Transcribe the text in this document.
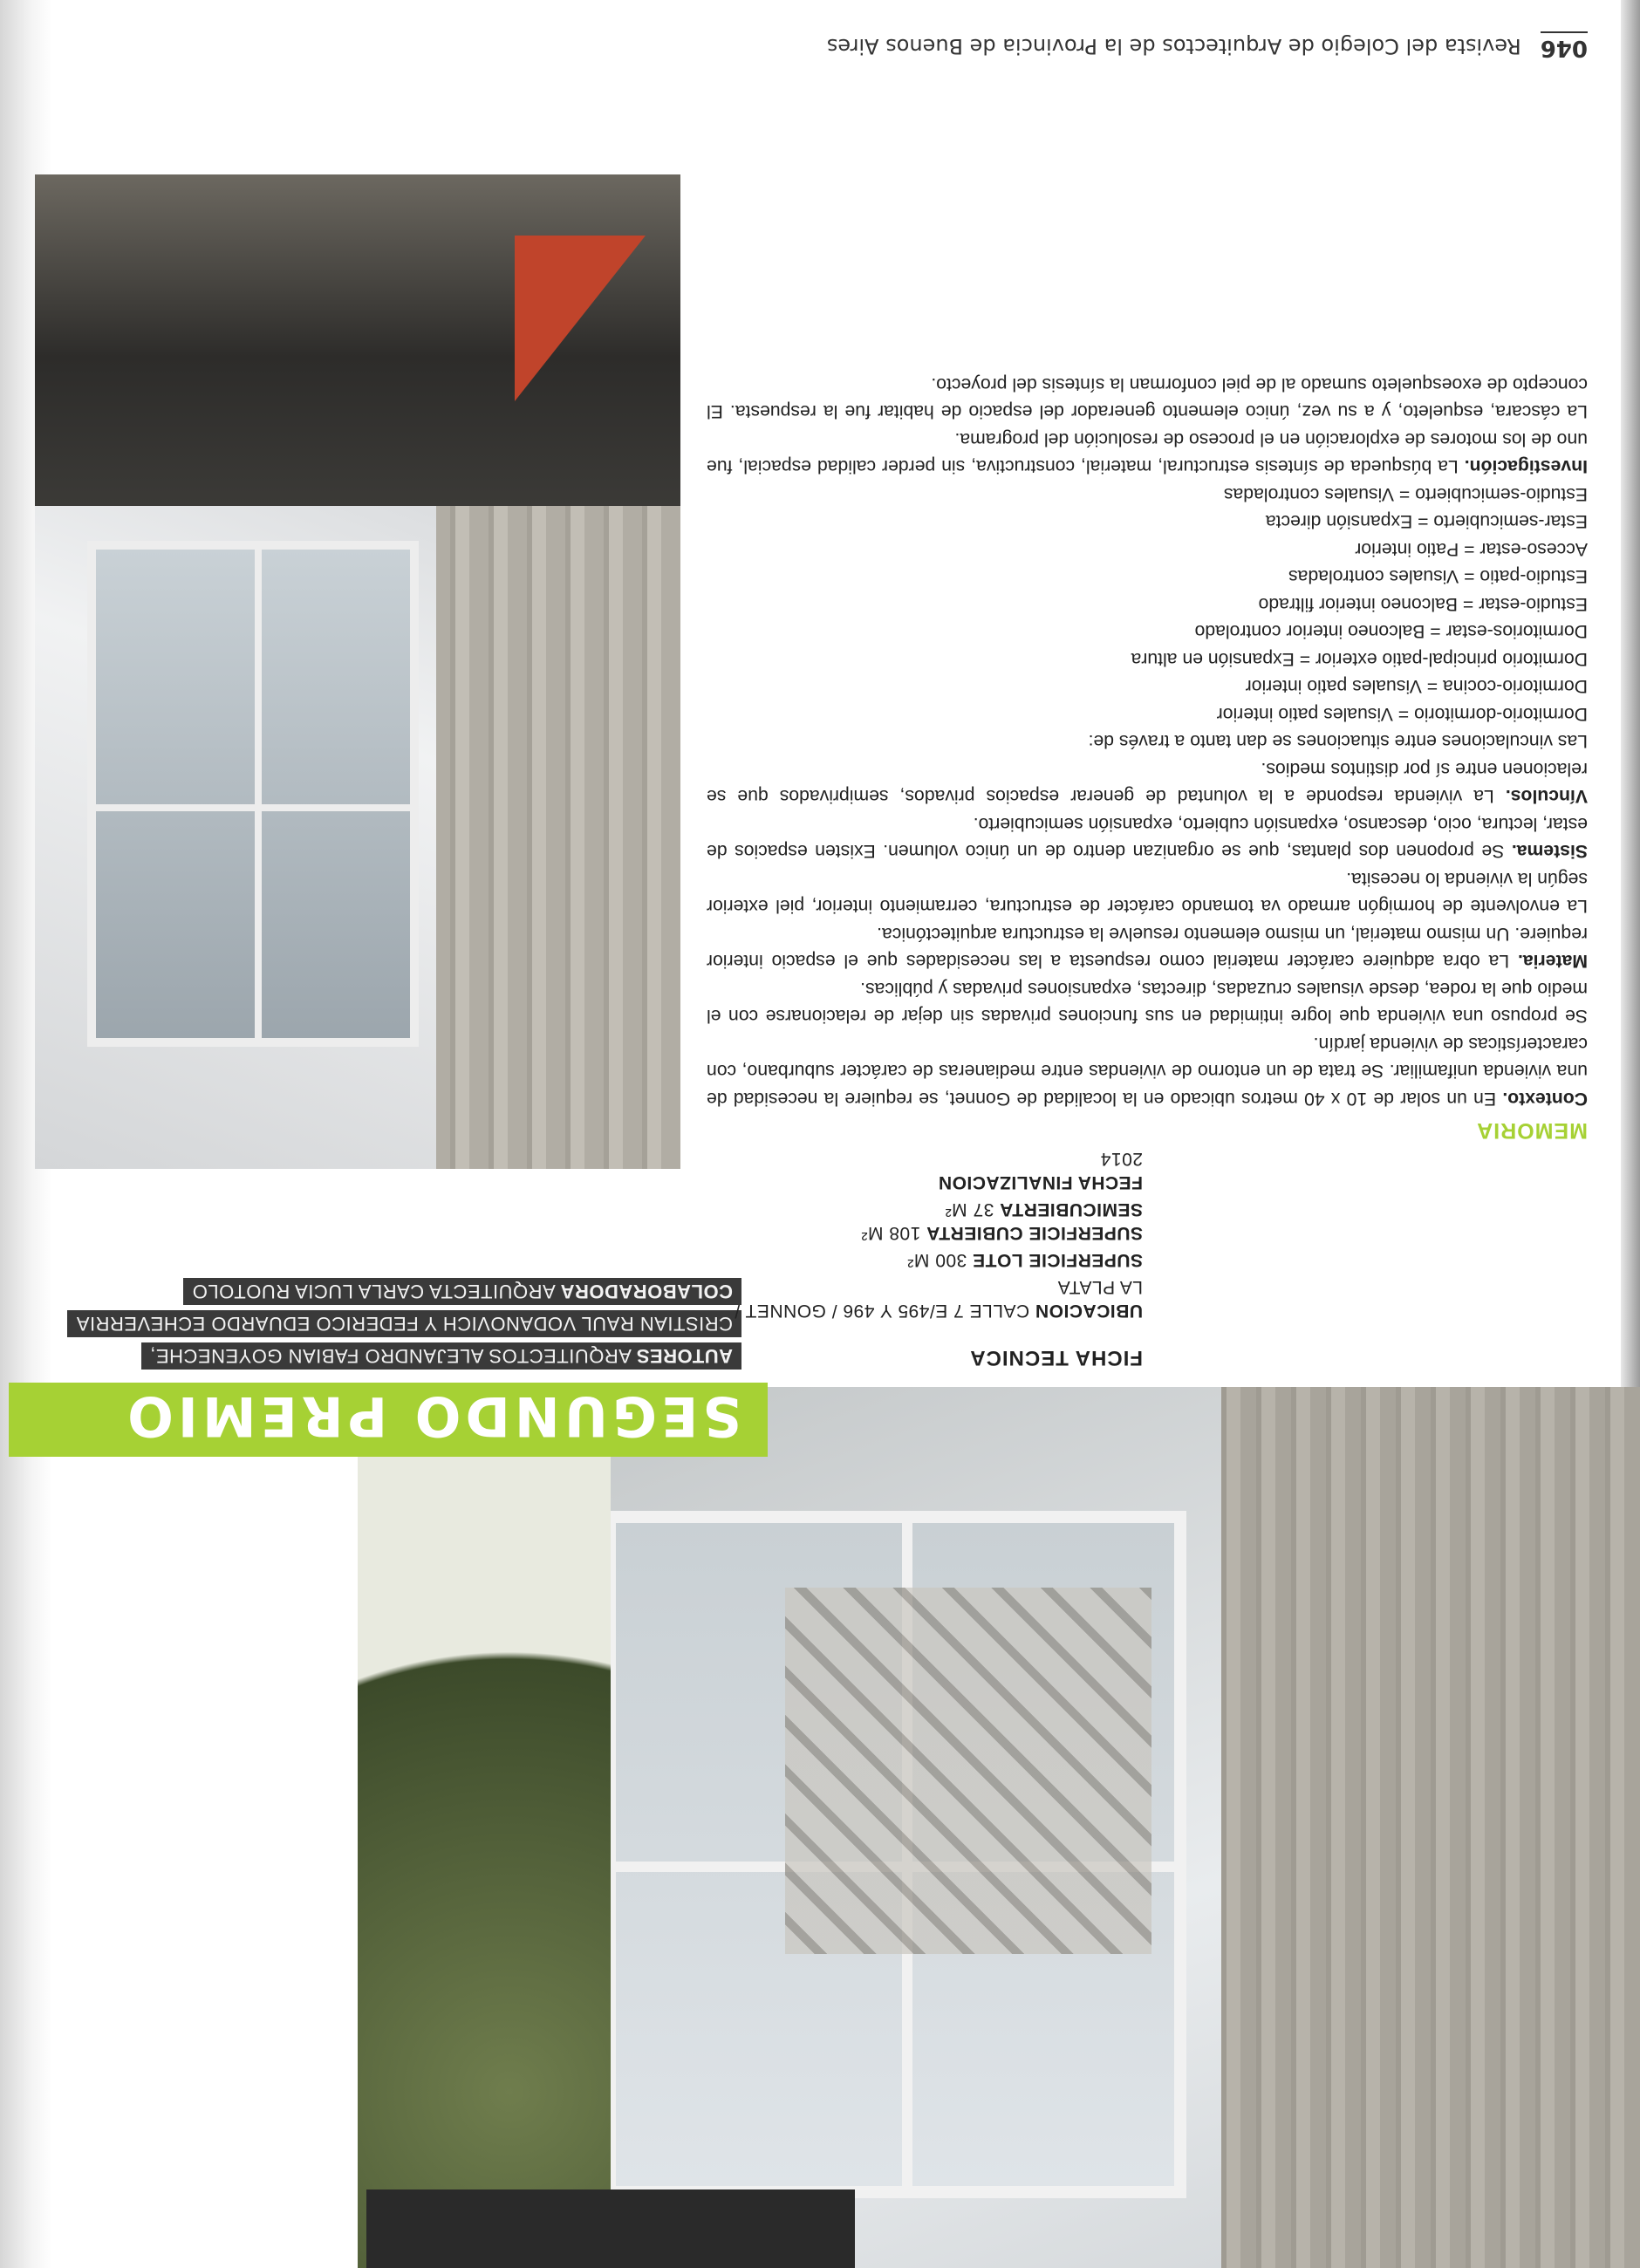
SEGUNDO PREMIO
AUTORES ARQUITECTOS ALEJANDRO FABIAN GOYENECHE,
CRISTIAN RAUL VODANOVICH Y FEDERICO EDUARDO ECHEVERRIA
COLABORADORA ARQUITECTA CARLA LUCIA RUOTOLO
FICHA TECNICA

UBICACION CALLE 7 E/495 Y 496 / GONNET / LA PLATA

SUPERFICIE LOTE 300 M²

SUPERFICIE CUBIERTA 108 M² SEMICUBIERTA 37 M²

FECHA FINALIZACION
2014

MEMORIA

Contexto. En un solar de 10 x 40 metros ubicado en la localidad de Gonnet, se requiere la necesidad de una vivienda unifamiliar. Se trata de un entorno de viviendas entre medianeras de carácter suburbano, con características de vivienda jardín.

Se propuso una vivienda que logre intimidad en sus funciones privadas sin dejar de relacionarse con el medio que la rodea, desde visuales cruzadas, directas, expansiones privadas y públicas.

Materia. La obra adquiere carácter material como respuesta a las necesidades que el espacio interior requiere. Un mismo material, un mismo elemento resuelve la estructura arquitectónica.

La envolvente de hormigón armado va tomando carácter de estructura, cerramiento interior, piel exterior según la vivienda lo necesita.

Sistema. Se proponen dos plantas, que se organizan dentro de un único volumen. Existen espacios de estar, lectura, ocio, descanso, expansión cubierto, expansión semicubierto.

Vínculos. La vivienda responde a la voluntad de generar espacios privados, semiprivados que se relacionen entre sí por distintos medios.

Las vinculaciones entre situaciones se dan tanto a través de:

Dormitorio-dormitorio = Visuales patio interior

Dormitorio-cocina = Visuales patio interior

Dormitorio principal-patio exterior = Expansión en altura

Dormitorios-estar = Balconeo interior controlado

Estudio-estar = Balconeo interior filtrado

Estudio-patio = Visuales controladas

Acceso-estar = Patio interior

Estar-semicubierto = Expansión directa

Estudio-semicubierto = Visuales controladas

Investigación. La búsqueda de síntesis estructural, material, constructiva, sin perder calidad espacial, fue uno de los motores de exploración en el proceso de resolución del programa.

La cáscara, esqueleto, y a su vez, único elemento generador del espacio de habitar fue la respuesta. El concepto de exoesqueleto sumado al de piel conforman la síntesis del proyecto.

046
Revista del Colegio de Arquitectos de la Provincia de Buenos Aires
